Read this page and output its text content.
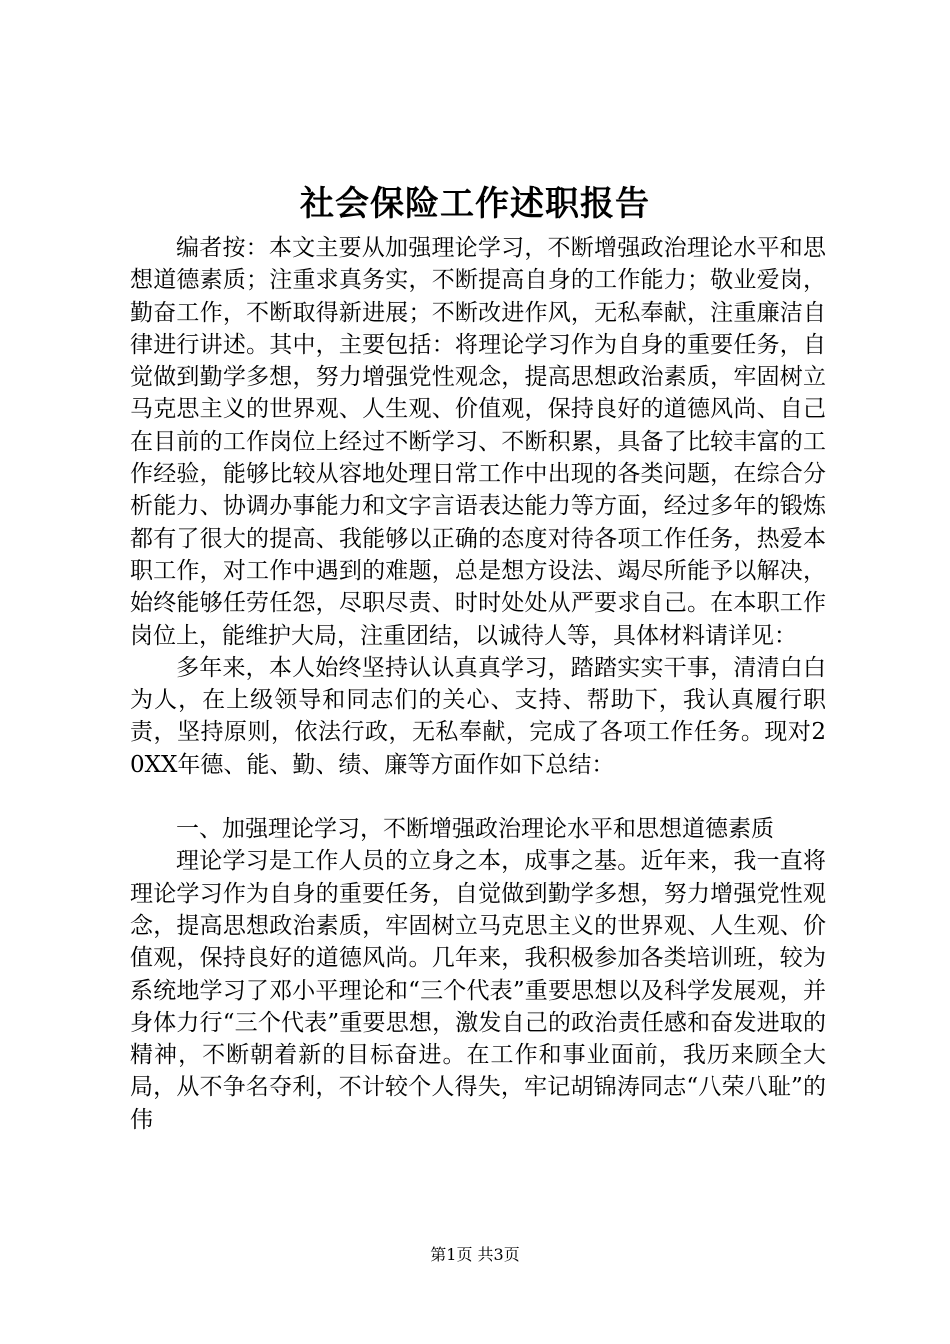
社会保险工作述职报告

编者按：本文主要从加强理论学习，不断增强政治理论水平和思想道德素质；注重求真务实，不断提高自身的工作能力；敬业爱岗，勤奋工作，不断取得新进展；不断改进作风，无私奉献，注重廉洁自律进行讲述。其中，主要包括：将理论学习作为自身的重要任务，自觉做到勤学多想，努力增强党性观念，提高思想政治素质，牢固树立马克思主义的世界观、人生观、价值观，保持良好的道德风尚、自己在目前的工作岗位上经过不断学习、不断积累，具备了比较丰富的工作经验，能够比较从容地处理日常工作中出现的各类问题，在综合分析能力、协调办事能力和文字言语表达能力等方面，经过多年的锻炼都有了很大的提高、我能够以正确的态度对待各项工作任务，热爱本职工作，对工作中遇到的难题，总是想方设法、竭尽所能予以解决，始终能够任劳任怨，尽职尽责、时时处处从严要求自己。在本职工作岗位上，能维护大局，注重团结，以诚待人等，具体材料请详见：

多年来，本人始终坚持认认真真学习，踏踏实实干事，清清白白为人，在上级领导和同志们的关心、支持、帮助下，我认真履行职责，坚持原则，依法行政，无私奉献，完成了各项工作任务。现对20XX年德、能、勤、绩、廉等方面作如下总结：

一、加强理论学习，不断增强政治理论水平和思想道德素质

理论学习是工作人员的立身之本，成事之基。近年来，我一直将理论学习作为自身的重要任务，自觉做到勤学多想，努力增强党性观念，提高思想政治素质，牢固树立马克思主义的世界观、人生观、价值观，保持良好的道德风尚。几年来，我积极参加各类培训班，较为系统地学习了邓小平理论和“三个代表”重要思想以及科学发展观，并身体力行“三个代表”重要思想，激发自己的政治责任感和奋发进取的精神，不断朝着新的目标奋进。在工作和事业面前，我历来顾全大局，从不争名夺利，不计较个人得失，牢记胡锦涛同志“八荣八耻”的伟

第1页 共3页
